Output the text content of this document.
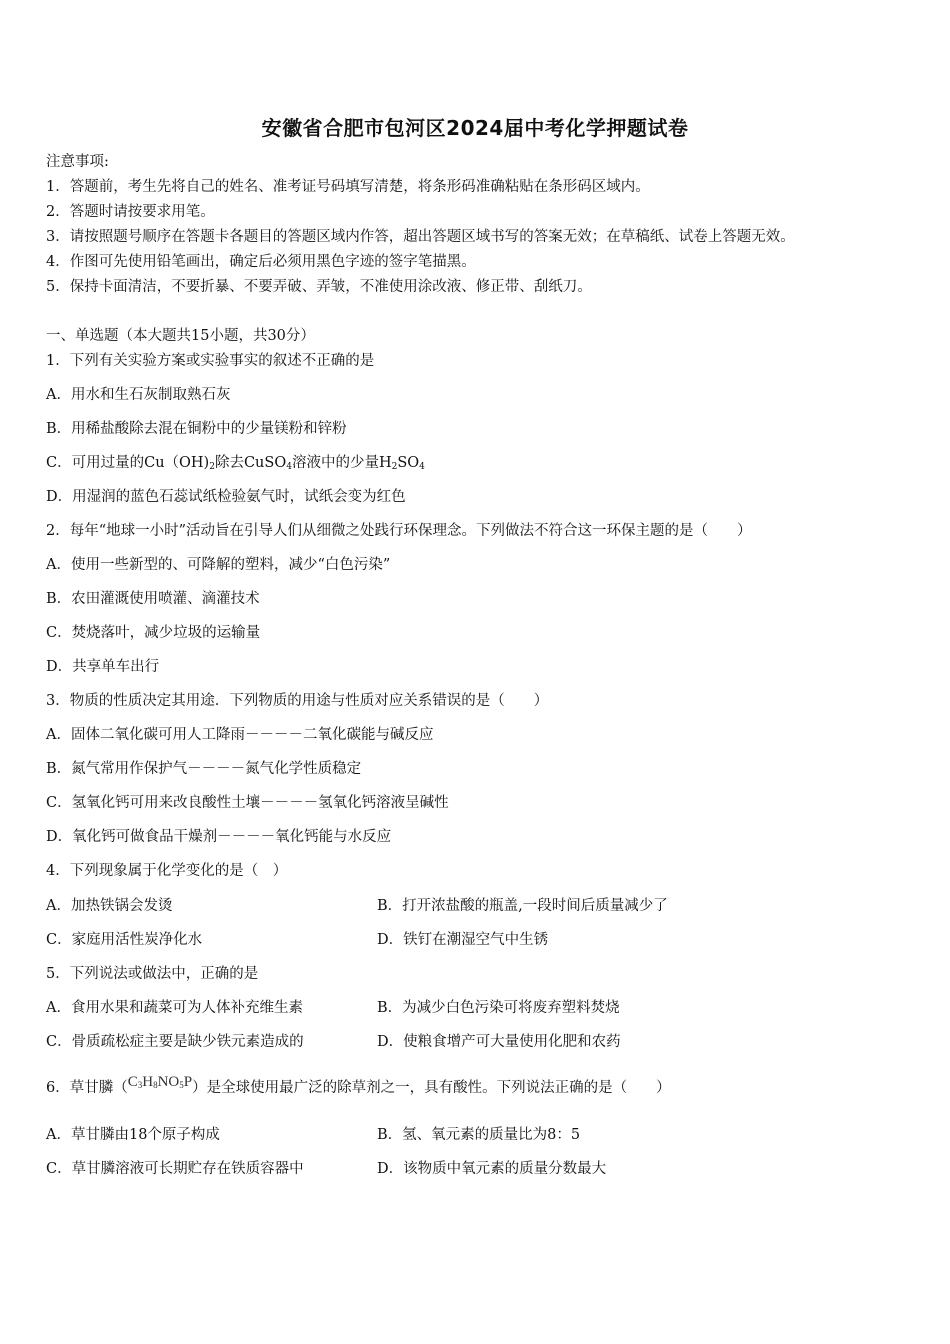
安徽省合肥市包河区2024届中考化学押题试卷
注意事项:
1．答题前，考生先将自己的姓名、准考证号码填写清楚，将条形码准确粘贴在条形码区域内。
2．答题时请按要求用笔。
3．请按照题号顺序在答题卡各题目的答题区域内作答，超出答题区域书写的答案无效；在草稿纸、试卷上答题无效。
4．作图可先使用铅笔画出，确定后必须用黑色字迹的签字笔描黑。
5．保持卡面清洁，不要折暴、不要弄破、弄皱，不准使用涂改液、修正带、刮纸刀。
一、单选题（本大题共15小题，共30分）
1．下列有关实验方案或实验事实的叙述不正确的是
A．用水和生石灰制取熟石灰
B．用稀盐酸除去混在铜粉中的少量镁粉和锌粉
C．可用过量的$Cu(OH)_2$除去CuSO$_4$溶液中的少量$H_2SO_4$
D．用湿润的蓝色石蕊试纸检验氨气时，试纸会变为红色
2．每年“地球一小时”活动旨在引导人们从细微之处践行环保理念。下列做法不符合这一环保主题的是（　　）
A．使用一些新型的、可降解的塑料，减少“白色污染”
B．农田灌溉使用喷灌、滴灌技术
C．焚烧落叶，减少垃圾的运输量
D．共享单车出行
3．物质的性质决定其用途．下列物质的用途与性质对应关系错误的是（　　）
A．固体二氧化碳可用人工降雨－－－－二氧化碳能与碱反应
B．氮气常用作保护气－－－－氮气化学性质稳定
C．氢氧化钙可用来改良酸性土壤－－－－氢氧化钙溶液呈碱性
D．氧化钙可做食品干燥剂－－－－氧化钙能与水反应
4．下列现象属于化学变化的是（　）
A．加热铁锅会发烫	B．打开浓盐酸的瓶盖,一段时间后质量减少了
C．家庭用活性炭净化水	D．铁钉在潮湿空气中生锈
5．下列说法或做法中，正确的是
A．食用水果和蔬菜可为人体补充维生素	B．为减少白色污染可将废弃塑料焚烧
C．骨质疏松症主要是缺少铁元素造成的	D．使粮食增产可大量使用化肥和农药
6．草甘膦$(C_3H_8NO_5P)$是全球使用最广泛的除草剂之一，具有酸性。下列说法正确的是（　　）
A．草甘膦由18个原子构成	B．氢、氧元素的质量比为8：5
C．草甘膦溶液可长期贮存在铁质容器中	D．该物质中氧元素的质量分数最大
